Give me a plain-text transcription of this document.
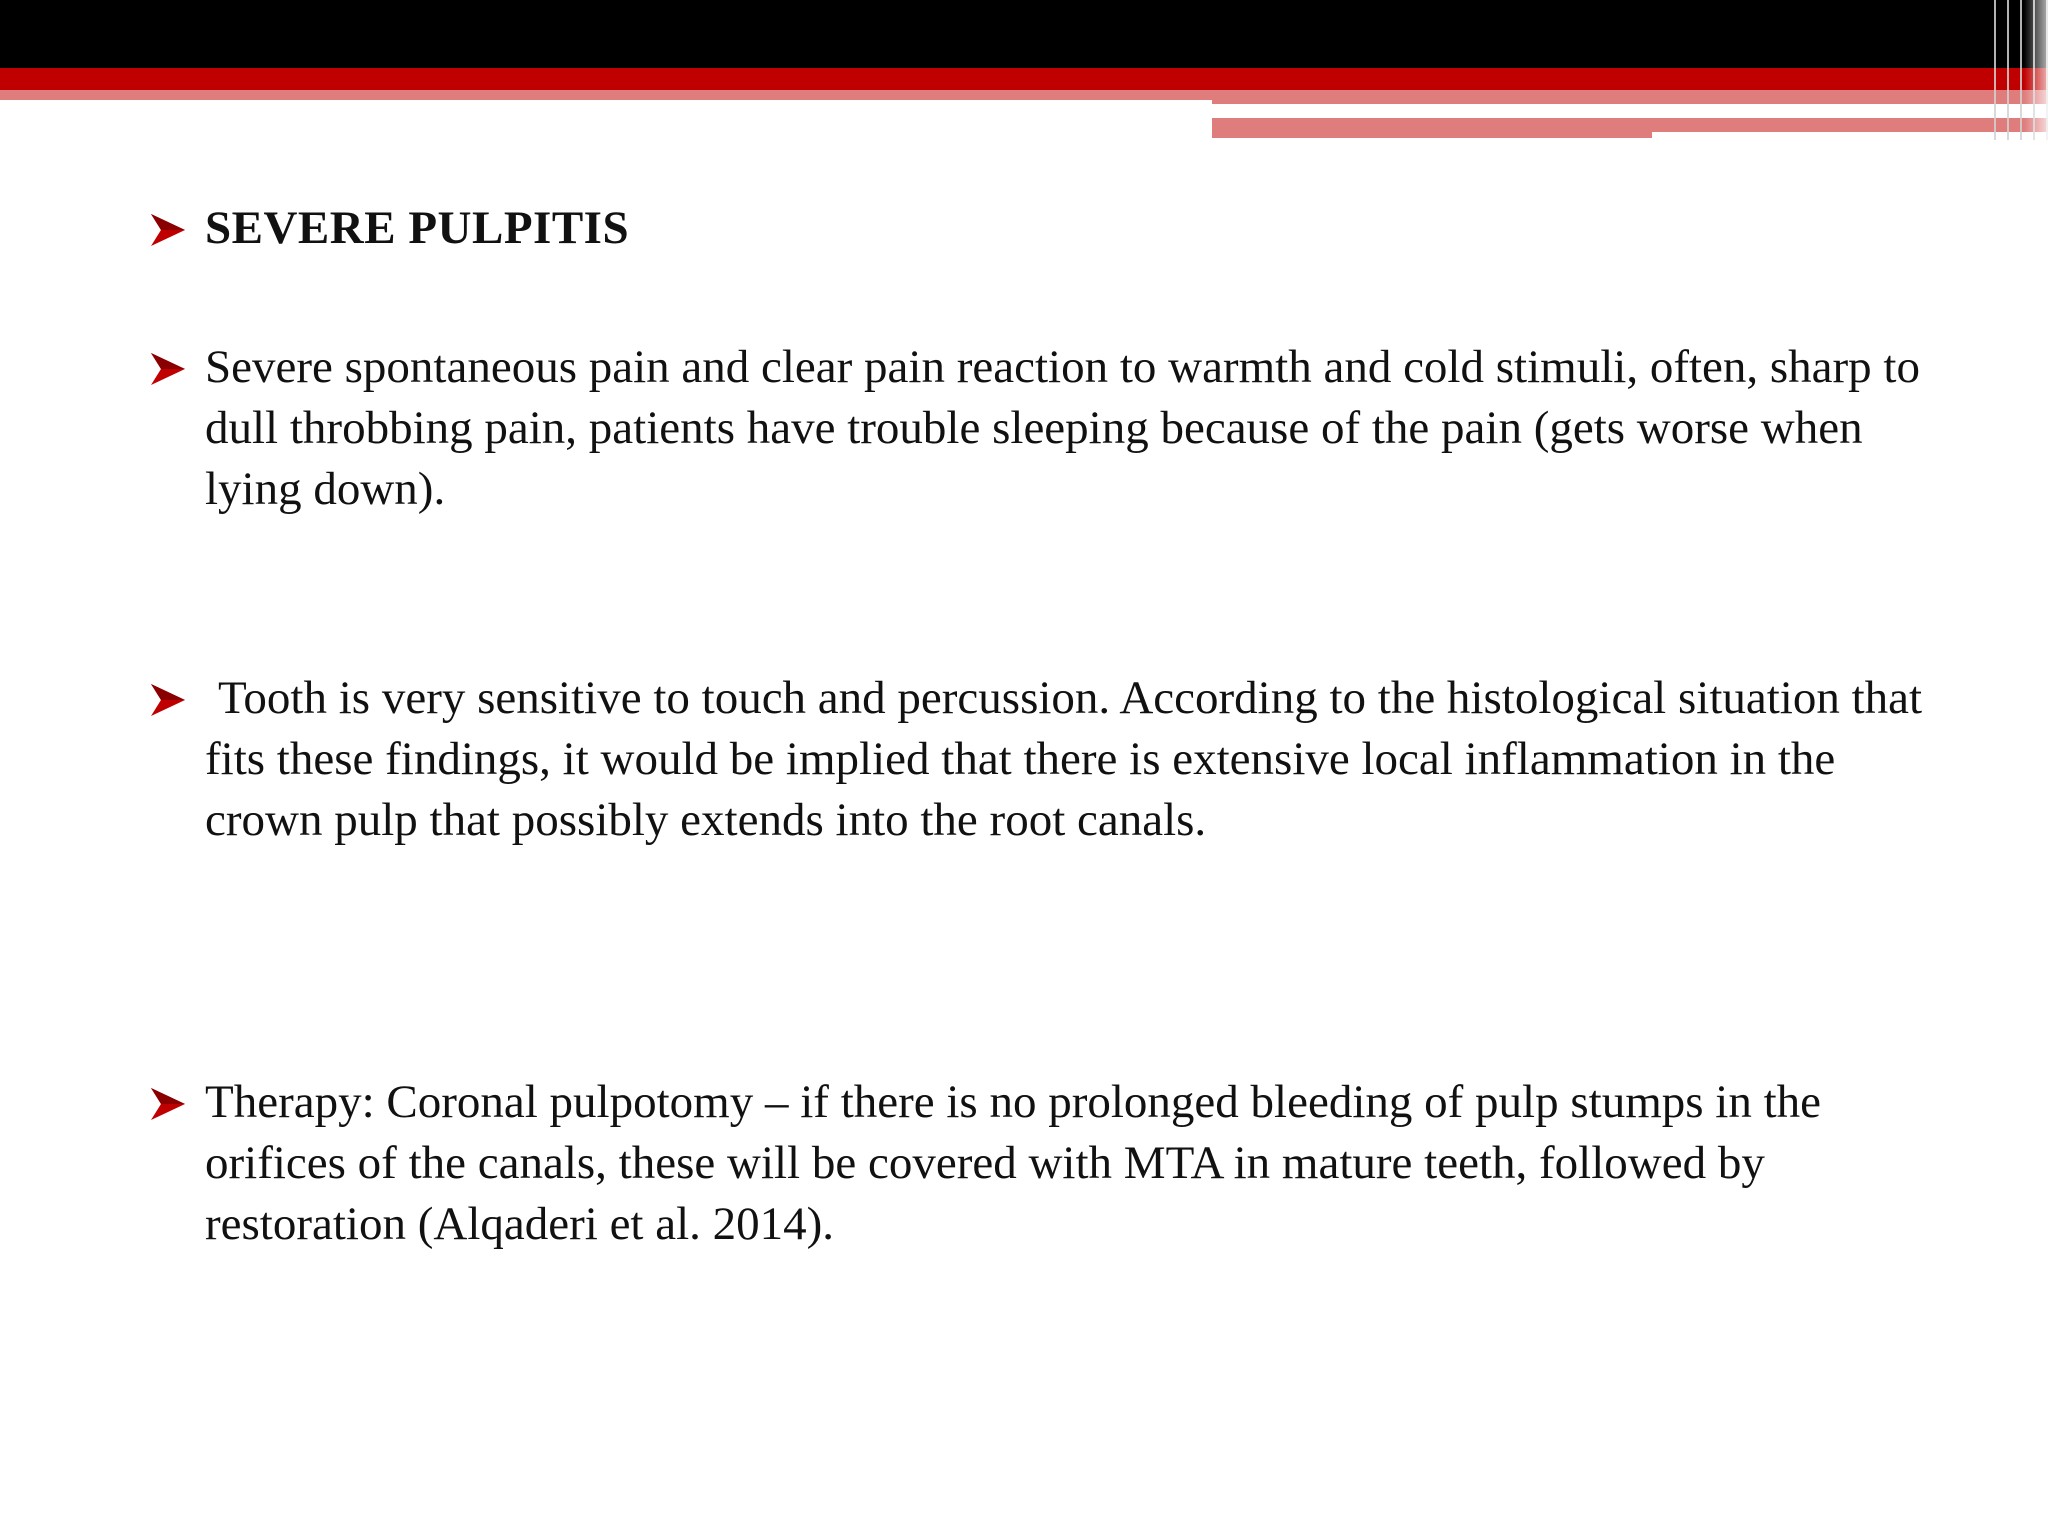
SEVERE PULPITIS
Severe spontaneous pain and clear pain reaction to warmth and cold stimuli, often, sharp to dull throbbing pain, patients have trouble sleeping because of the pain (gets worse when lying down).
Tooth is very sensitive to touch and percussion. According to the histological situation that fits these findings, it would be implied that there is extensive local inflammation in the crown pulp that possibly extends into the root canals.
Therapy: Coronal pulpotomy – if there is no prolonged bleeding of pulp stumps in the orifices of the canals, these will be covered with MTA in mature teeth, followed by restoration (Alqaderi et al. 2014).
